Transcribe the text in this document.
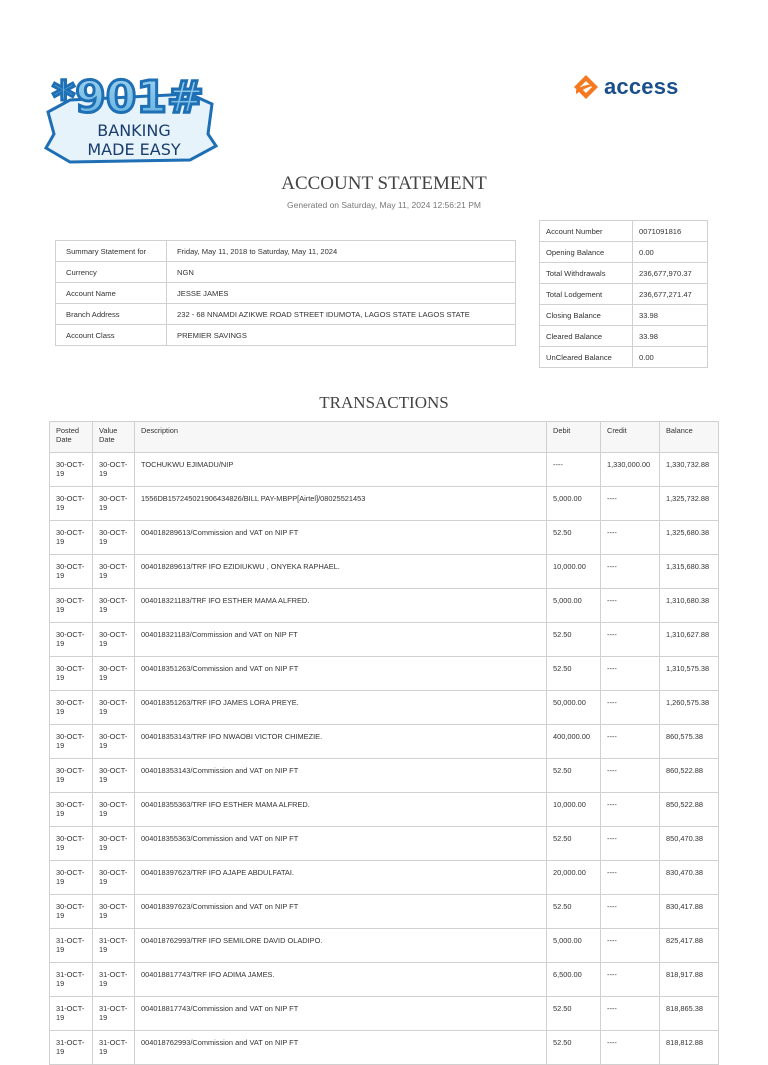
*901#
BANKING
MADE EASY
access
ACCOUNT STATEMENT
Generated on Saturday, May 11, 2024 12:56:21 PM
Summary Statement for	Friday, May 11, 2018 to Saturday, May 11, 2024
Currency	NGN
Account Name	JESSE JAMES
Branch Address	232 - 68 NNAMDI AZIKWE ROAD STREET IDUMOTA, LAGOS STATE LAGOS STATE
Account Class	PREMIER SAVINGS
Account Number	0071091816
Opening Balance	0.00
Total Withdrawals	236,677,970.37
Total Lodgement	236,677,271.47
Closing Balance	33.98
Cleared Balance	33.98
UnCleared Balance	0.00
TRANSACTIONS
Posted Date	Value Date	Description	Debit	Credit	Balance
30-OCT-19	30-OCT-19	TOCHUKWU EJIMADU/NIP	----	1,330,000.00	1,330,732.88
30-OCT-19	30-OCT-19	1556DB157245021906434826/BILL PAY-MBPP[Airtel]/08025521453	5,000.00	----	1,325,732.88
30-OCT-19	30-OCT-19	004018289613/Commission and VAT on NIP FT	52.50	----	1,325,680.38
30-OCT-19	30-OCT-19	004018289613/TRF IFO EZIDIUKWU , ONYEKA RAPHAEL.	10,000.00	----	1,315,680.38
30-OCT-19	30-OCT-19	004018321183/TRF IFO ESTHER MAMA ALFRED.	5,000.00	----	1,310,680.38
30-OCT-19	30-OCT-19	004018321183/Commission and VAT on NIP FT	52.50	----	1,310,627.88
30-OCT-19	30-OCT-19	004018351263/Commission and VAT on NIP FT	52.50	----	1,310,575.38
30-OCT-19	30-OCT-19	004018351263/TRF IFO JAMES LORA PREYE.	50,000.00	----	1,260,575.38
30-OCT-19	30-OCT-19	004018353143/TRF IFO NWAOBI VICTOR CHIMEZIE.	400,000.00	----	860,575.38
30-OCT-19	30-OCT-19	004018353143/Commission and VAT on NIP FT	52.50	----	860,522.88
30-OCT-19	30-OCT-19	004018355363/TRF IFO ESTHER MAMA ALFRED.	10,000.00	----	850,522.88
30-OCT-19	30-OCT-19	004018355363/Commission and VAT on NIP FT	52.50	----	850,470.38
30-OCT-19	30-OCT-19	004018397623/TRF IFO AJAPE ABDULFATAI.	20,000.00	----	830,470.38
30-OCT-19	30-OCT-19	004018397623/Commission and VAT on NIP FT	52.50	----	830,417.88
31-OCT-19	31-OCT-19	004018762993/TRF IFO SEMILORE DAVID OLADIPO.	5,000.00	----	825,417.88
31-OCT-19	31-OCT-19	004018817743/TRF IFO ADIMA JAMES.	6,500.00	----	818,917.88
31-OCT-19	31-OCT-19	004018817743/Commission and VAT on NIP FT	52.50	----	818,865.38
31-OCT-19	31-OCT-19	004018762993/Commission and VAT on NIP FT	52.50	----	818,812.88
